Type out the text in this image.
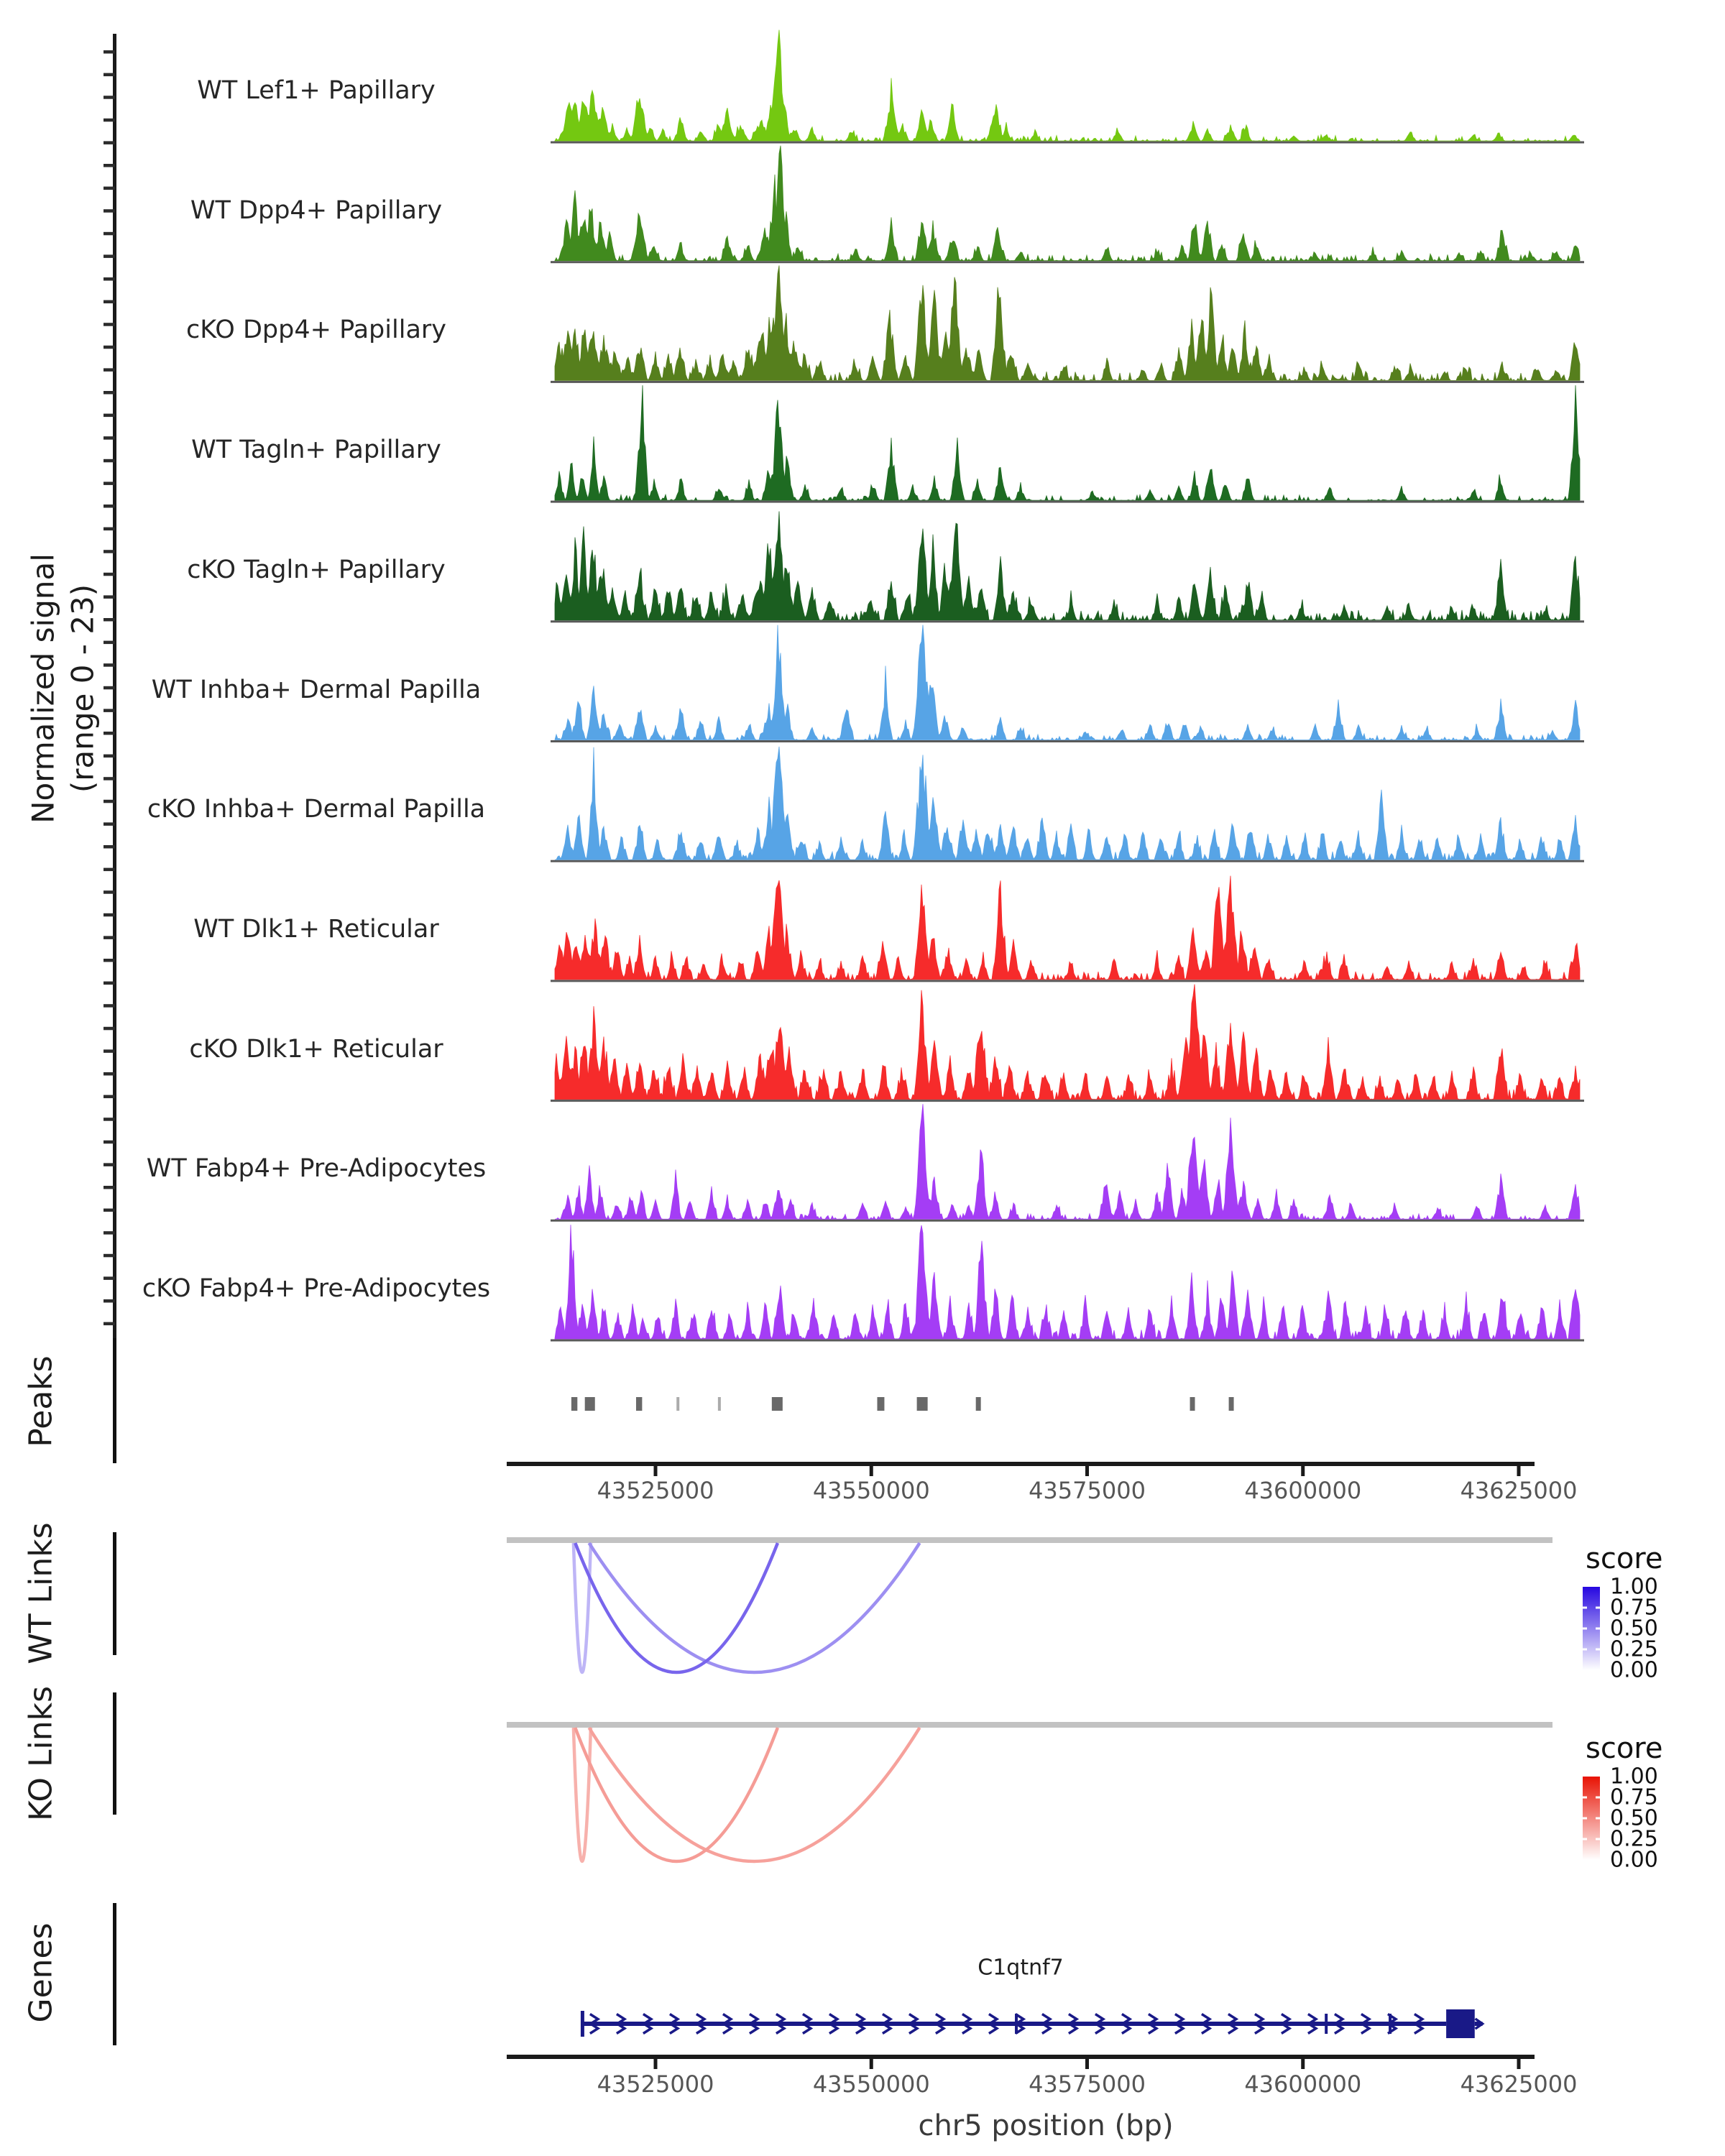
Normalized signal (range 0 - 23)
Peaks
WT Links
KO Links
Genes
score
score
C1qtnf7
chr5 position (bp)
WT Lef1+ Papillary
WT Dpp4+ Papillary
cKO Dpp4+ Papillary
WT Tagln+ Papillary
cKO Tagln+ Papillary
WT Inhba+ Dermal Papilla
cKO Inhba+ Dermal Papilla
WT Dlk1+ Reticular
cKO Dlk1+ Reticular
WT Fabp4+ Pre-Adipocytes
cKO Fabp4+ Pre-Adipocytes
43525000	43550000	43575000	43600000	43625000
43525000	43550000	43575000	43600000	43625000
1.00
0.75
0.50
0.25
0.00
1.00
0.75
0.50
0.25
0.00
